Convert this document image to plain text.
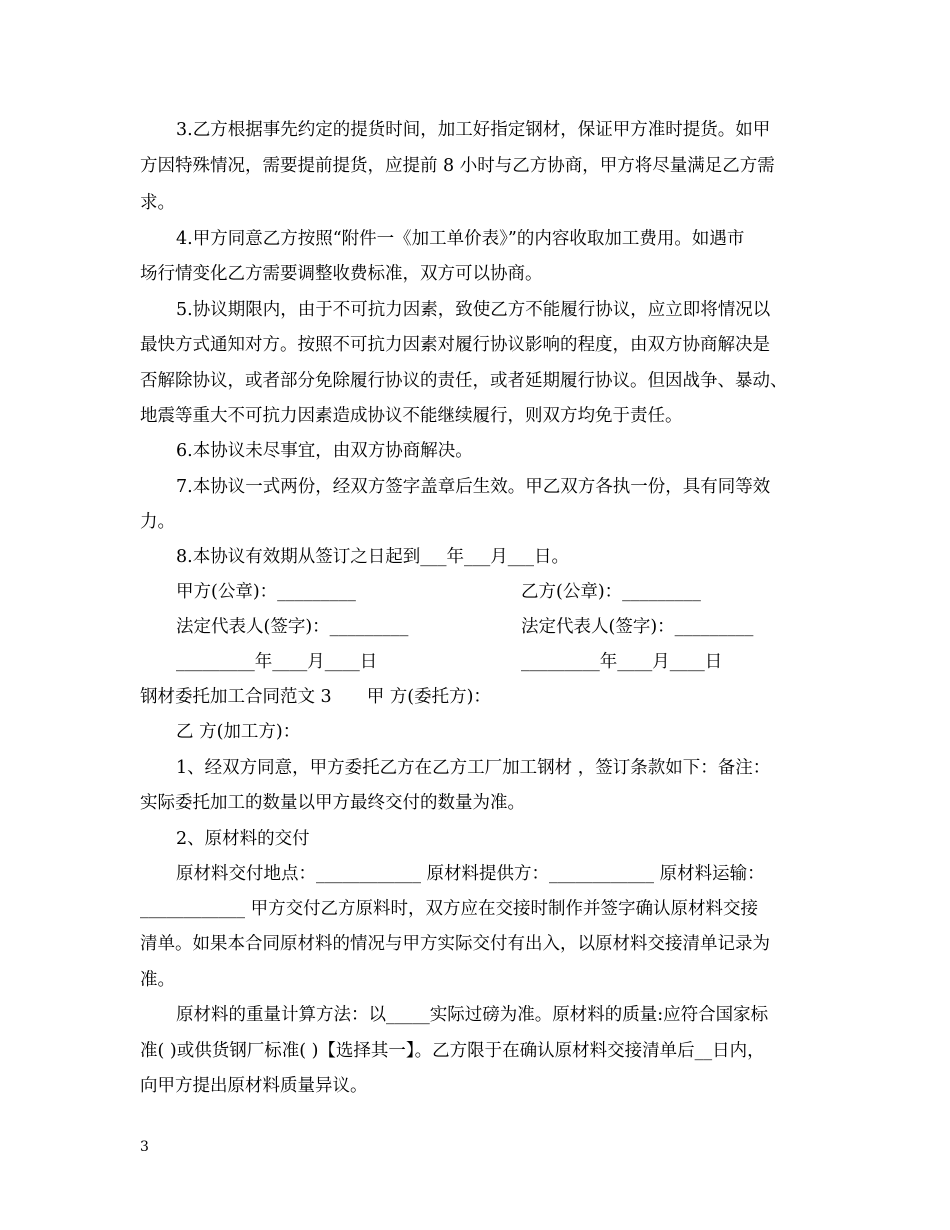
3.乙方根据事先约定的提货时间，加工好指定钢材，保证甲方准时提货。如甲
方因特殊情况，需要提前提货，应提前 8 小时与乙方协商，甲方将尽量满足乙方需
求。
4.甲方同意乙方按照“附件一《加工单价表》”的内容收取加工费用。如遇市
场行情变化乙方需要调整收费标准，双方可以协商。
5.协议期限内，由于不可抗力因素，致使乙方不能履行协议，应立即将情况以
最快方式通知对方。按照不可抗力因素对履行协议影响的程度，由双方协商解决是
否解除协议，或者部分免除履行协议的责任，或者延期履行协议。但因战争、暴动、
地震等重大不可抗力因素造成协议不能继续履行，则双方均免于责任。
6.本协议未尽事宜，由双方协商解决。
7.本协议一式两份，经双方签字盖章后生效。甲乙双方各执一份，具有同等效
力。
8.本协议有效期从签订之日起到___年___月___日。
甲方(公章)：_________	乙方(公章)：_________
法定代表人(签字)：_________	法定代表人(签字)：_________
_________年____月____日	_________年____月____日
钢材委托加工合同范文 3　　甲 方(委托方)：
乙 方(加工方)：
1、经双方同意，甲方委托乙方在乙方工厂加工钢材 ，签订条款如下：备注：
实际委托加工的数量以甲方最终交付的数量为准。
2、原材料的交付
原材料交付地点：____________ 原材料提供方：____________ 原材料运输：
____________ 甲方交付乙方原料时，双方应在交接时制作并签字确认原材料交接
清单。如果本合同原材料的情况与甲方实际交付有出入，以原材料交接清单记录为
准。
原材料的重量计算方法：以_____实际过磅为准。原材料的质量:应符合国家标
准( )或供货钢厂标准( )【选择其一】。乙方限于在确认原材料交接清单后__日内，
向甲方提出原材料质量异议。
3
